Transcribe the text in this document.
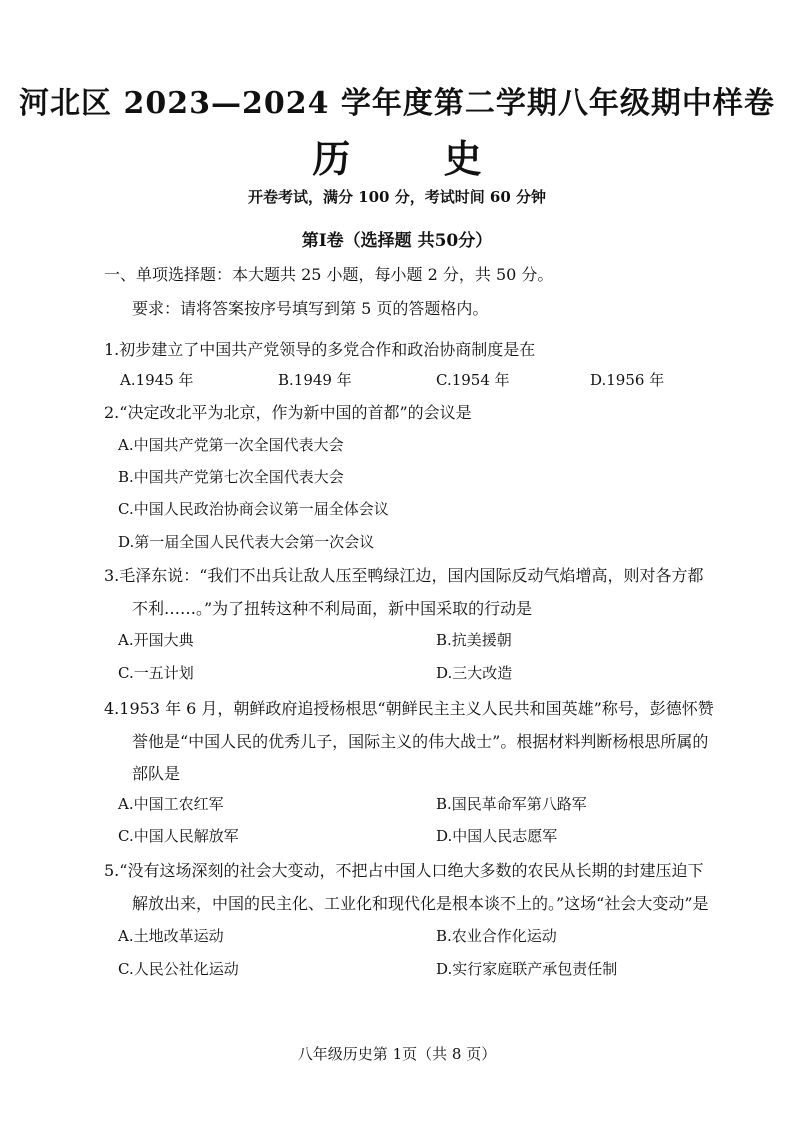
河北区 2023—2024 学年度第二学期八年级期中样卷
历 史
开卷考试，满分 100 分，考试时间 60 分钟
第Ⅰ卷（选择题 共50分）
一、单项选择题：本大题共 25 小题，每小题 2 分，共 50 分。
要求：请将答案按序号填写到第 5 页的答题格内。
1.初步建立了中国共产党领导的多党合作和政治协商制度是在
A.1945 年	B.1949 年	C.1954 年	D.1956 年
2.“决定改北平为北京，作为新中国的首都”的会议是
A.中国共产党第一次全国代表大会
B.中国共产党第七次全国代表大会
C.中国人民政治协商会议第一届全体会议
D.第一届全国人民代表大会第一次会议
3.毛泽东说：“我们不出兵让敌人压至鸭绿江边，国内国际反动气焰增高，则对各方都
不利……。”为了扭转这种不利局面，新中国采取的行动是
A.开国大典	B.抗美援朝
C.一五计划	D.三大改造
4.1953 年 6 月，朝鲜政府追授杨根思“朝鲜民主主义人民共和国英雄”称号，彭德怀赞
誉他是“中国人民的优秀儿子，国际主义的伟大战士”。根据材料判断杨根思所属的
部队是
A.中国工农红军	B.国民革命军第八路军
C.中国人民解放军	D.中国人民志愿军
5.“没有这场深刻的社会大变动，不把占中国人口绝大多数的农民从长期的封建压迫下
解放出来，中国的民主化、工业化和现代化是根本谈不上的。”这场“社会大变动”是
A.土地改革运动	B.农业合作化运动
C.人民公社化运动	D.实行家庭联产承包责任制
八年级历史第 1页（共 8 页）
